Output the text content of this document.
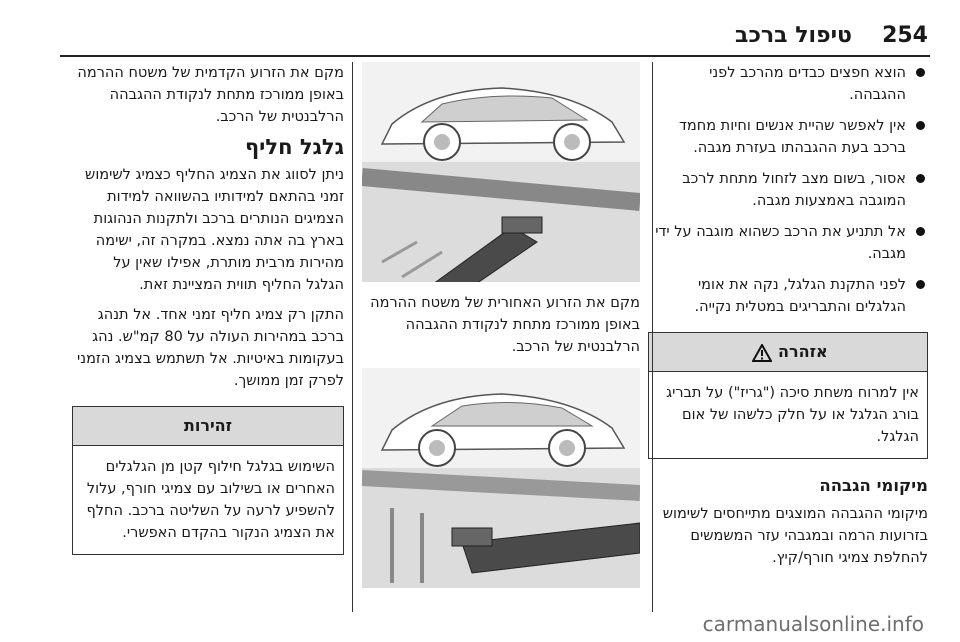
טיפול ברכב 254
הוצא חפצים כבדים מהרכב לפני ההגבהה.
אין לאפשר שהיית אנשים וחיות מחמד ברכב בעת ההגבהתו בעזרת מגבה.
אסור, בשום מצב לזחול מתחת לרכב המוגבה באמצעות מגבה.
אל תתניע את הרכב כשהוא מוגבה על ידי מגבה.
לפני התקנת הגלגל, נקה את אומי הגלגלים והתבריגים במטלית נקייה.
אזהרה
אין למרוח משחת סיכה ("גריז") על תבריג בורג הגלגל או על חלק כלשהו של אום הגלגל.
מיקומי הגבהה

מיקומי ההגבהה המוצגים מתייחסים לשימוש בזרועות הרמה ובמגבהי עזר המשמשים להחלפת צמיגי חורף/קיץ.

מקם את הזרוע האחורית של משטח ההרמה באופן ממורכז מתחת לנקודת ההגבהה הרלבנטית של הרכב.

מקם את הזרוע הקדמית של משטח ההרמה באופן ממורכז מתחת לנקודת ההגבהה הרלבנטית של הרכב.

גלגל חליף

ניתן לסווג את הצמיג החליף כצמיג לשימוש זמני בהתאם למידותיו בהשוואה למידות הצמיגים הנותרים ברכב ולתקנות הנהוגות בארץ בה אתה נמצא. במקרה זה, ישימה מהירות מרבית מותרת, אפילו שאין על הגלגל החליף תווית המציינת זאת.

התקן רק צמיג חליף זמני אחד. אל תנהג ברכב במהירות העולה על 80 קמ"ש. נהג בעקומות באיטיות. אל תשתמש בצמיג הזמני לפרק זמן ממושך.

זהירות
השימוש בגלגל חילוף קטן מן הגלגלים האחרים או בשילוב עם צמיגי חורף, עלול להשפיע לרעה על השליטה ברכב. החלף את הצמיג הנקור בהקדם האפשרי.
carmanualsonline.info
